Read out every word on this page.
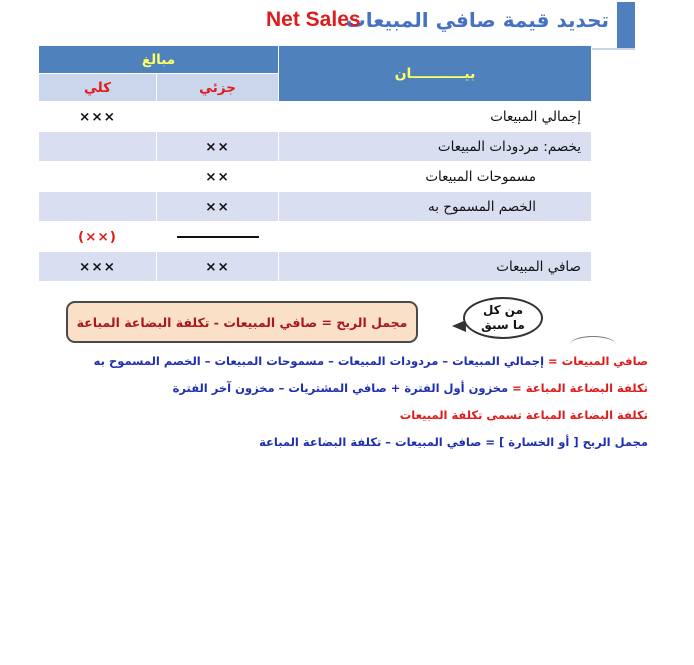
تحديد قيمة صافي المبيعات
Net Sales
بيـــــــــــان	مبالغ	
	جزئي	كلي
إجمالي المبيعات		×××
يخصم: مردودات المبيعات	××	
مسموحات المبيعات	××	
الخصم المسموح به	××	
		(××)
صافي المبيعات	××	×××
مجمل الربح = صافي المبيعات - تكلفة البضاعة المباعة
من كل
ما سبق
صافي المبيعات = إجمالي المبيعات – مردودات المبيعات – مسموحات المبيعات – الخصم المسموح به
تكلفة البضاعة المباعة = مخزون أول الفترة + صافي المشتريات – مخزون آخر الفترة
تكلفة البضاعة المباعة تسمى تكلفة المبيعات
مجمل الربح [ أو الخسارة ] = صافي المبيعات – تكلفة البضاعة المباعة
